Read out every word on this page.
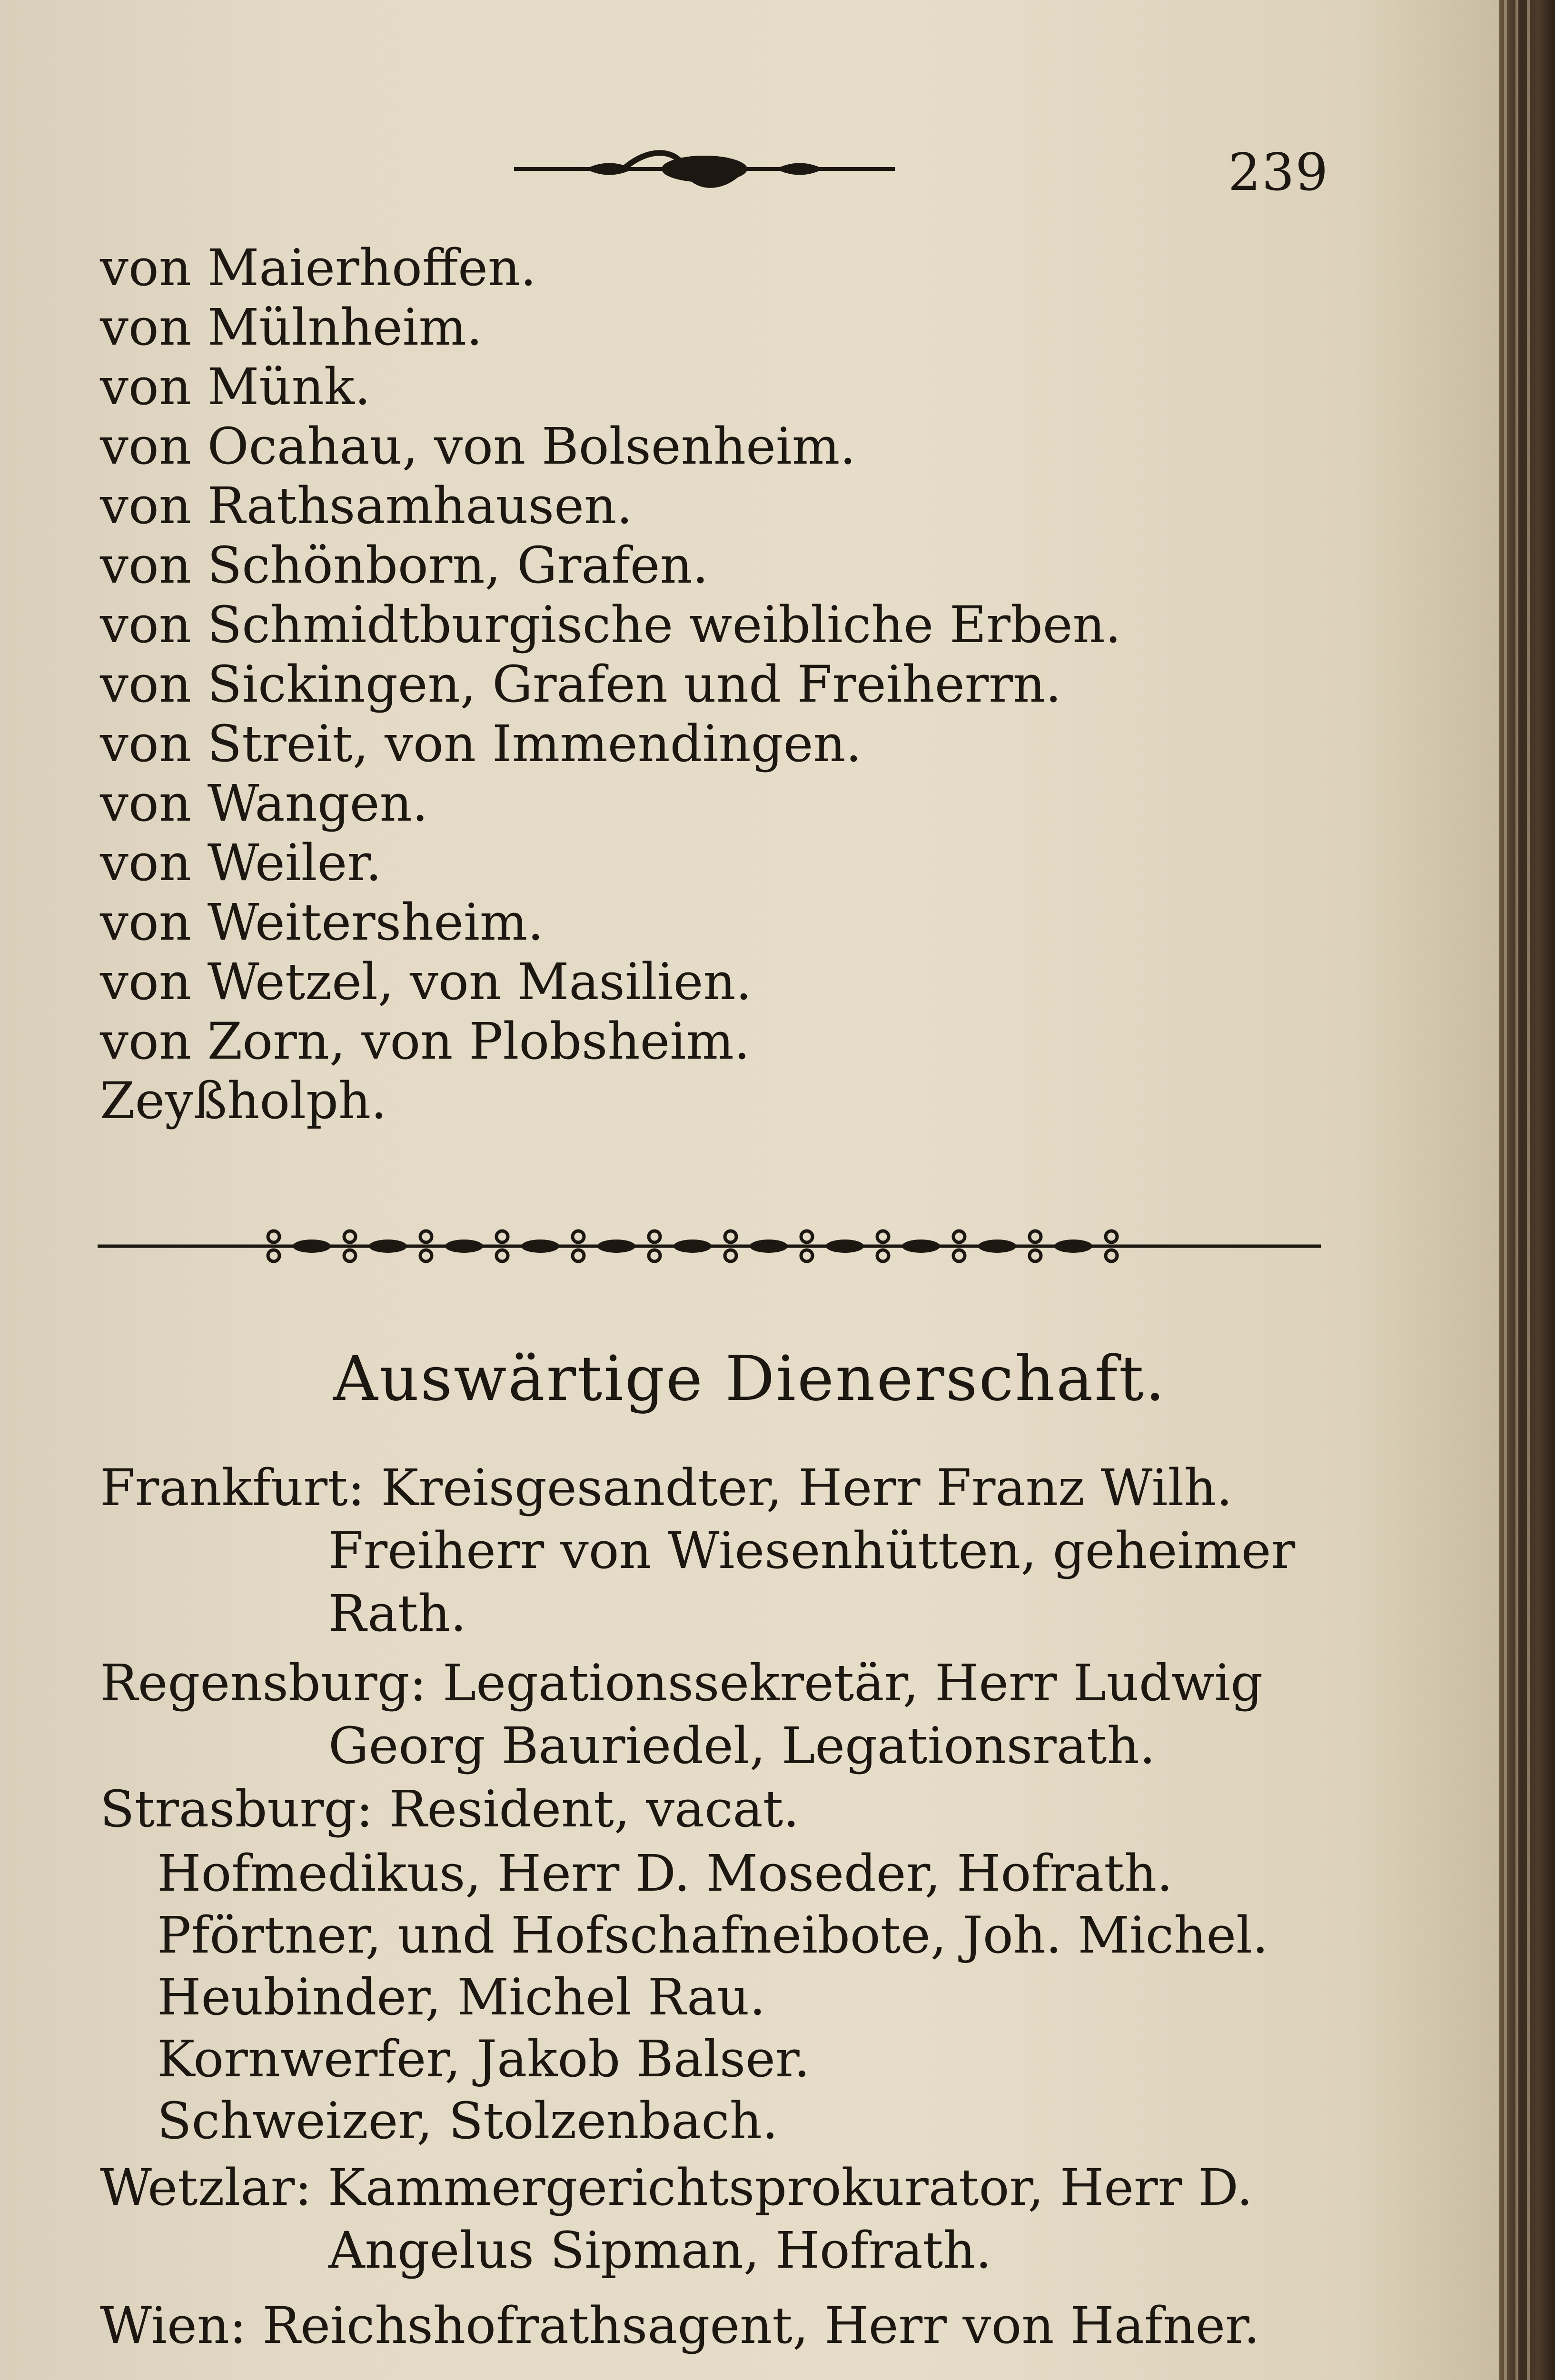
239
von Maierhoffen.
von Mülnheim.
von Münk.
von Ocahau, von Bolsenheim.
von Rathsamhausen.
von Schönborn, Grafen.
von Schmidtburgische weibliche Erben.
von Sickingen, Grafen und Freiherrn.
von Streit, von Immendingen.
von Wangen.
von Weiler.
von Weitersheim.
von Wetzel, von Masilien.
von Zorn, von Plobsheim.
Zeyßholph.
Auswärtige Dienerschaft.
Frankfurt: Kreisgesandter, Herr Franz Wilh.
Freiherr von Wiesenhütten, geheimer
Rath.
Regensburg: Legationssekretär, Herr Ludwig
Georg Bauriedel, Legationsrath.
Strasburg: Resident, vacat.
Hofmedikus, Herr D. Moseder, Hofrath.
Pförtner, und Hofschafneibote, Joh. Michel.
Heubinder, Michel Rau.
Kornwerfer, Jakob Balser.
Schweizer, Stolzenbach.
Wetzlar: Kammergerichtsprokurator, Herr D.
Angelus Sipman, Hofrath.
Wien: Reichshofrathsagent, Herr von Hafner.
